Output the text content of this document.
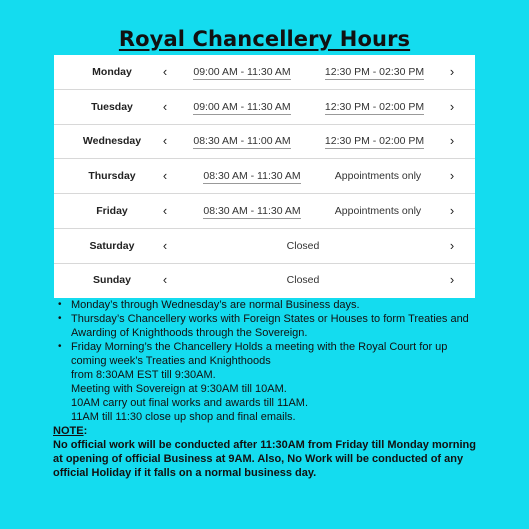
Royal Chancellery Hours
Monday	‹	09:00 AM - 11:30 AM	12:30 PM - 02:30 PM	›
Tuesday	‹	09:00 AM - 11:30 AM	12:30 PM - 02:00 PM	›
Wednesday	‹	08:30 AM - 11:00 AM	12:30 PM - 02:00 PM	›
Thursday	‹	08:30 AM - 11:30 AM	Appointments only	›
Friday	‹	08:30 AM - 11:30 AM	Appointments only	›
Saturday	‹	Closed	›
Sunday	‹	Closed	›
• Monday’s through Wednesday’s are normal Business days.
• Thursday’s Chancellery works with Foreign States or Houses to form Treaties and Awarding of Knighthoods through the Sovereign.
• Friday Morning’s the Chancellery Holds a meeting with the Royal Court for up coming week’s Treaties and Knighthoods
from 8:30AM EST till 9:30AM.
Meeting with Sovereign at 9:30AM till 10AM.
10AM carry out final works and awards till 11AM.
11AM till 11:30 close up shop and final emails.
NOTE:
No official work will be conducted after 11:30AM from Friday till Monday morning at opening of official Business at 9AM. Also, No Work will be conducted of any official Holiday if it falls on a normal business day.
